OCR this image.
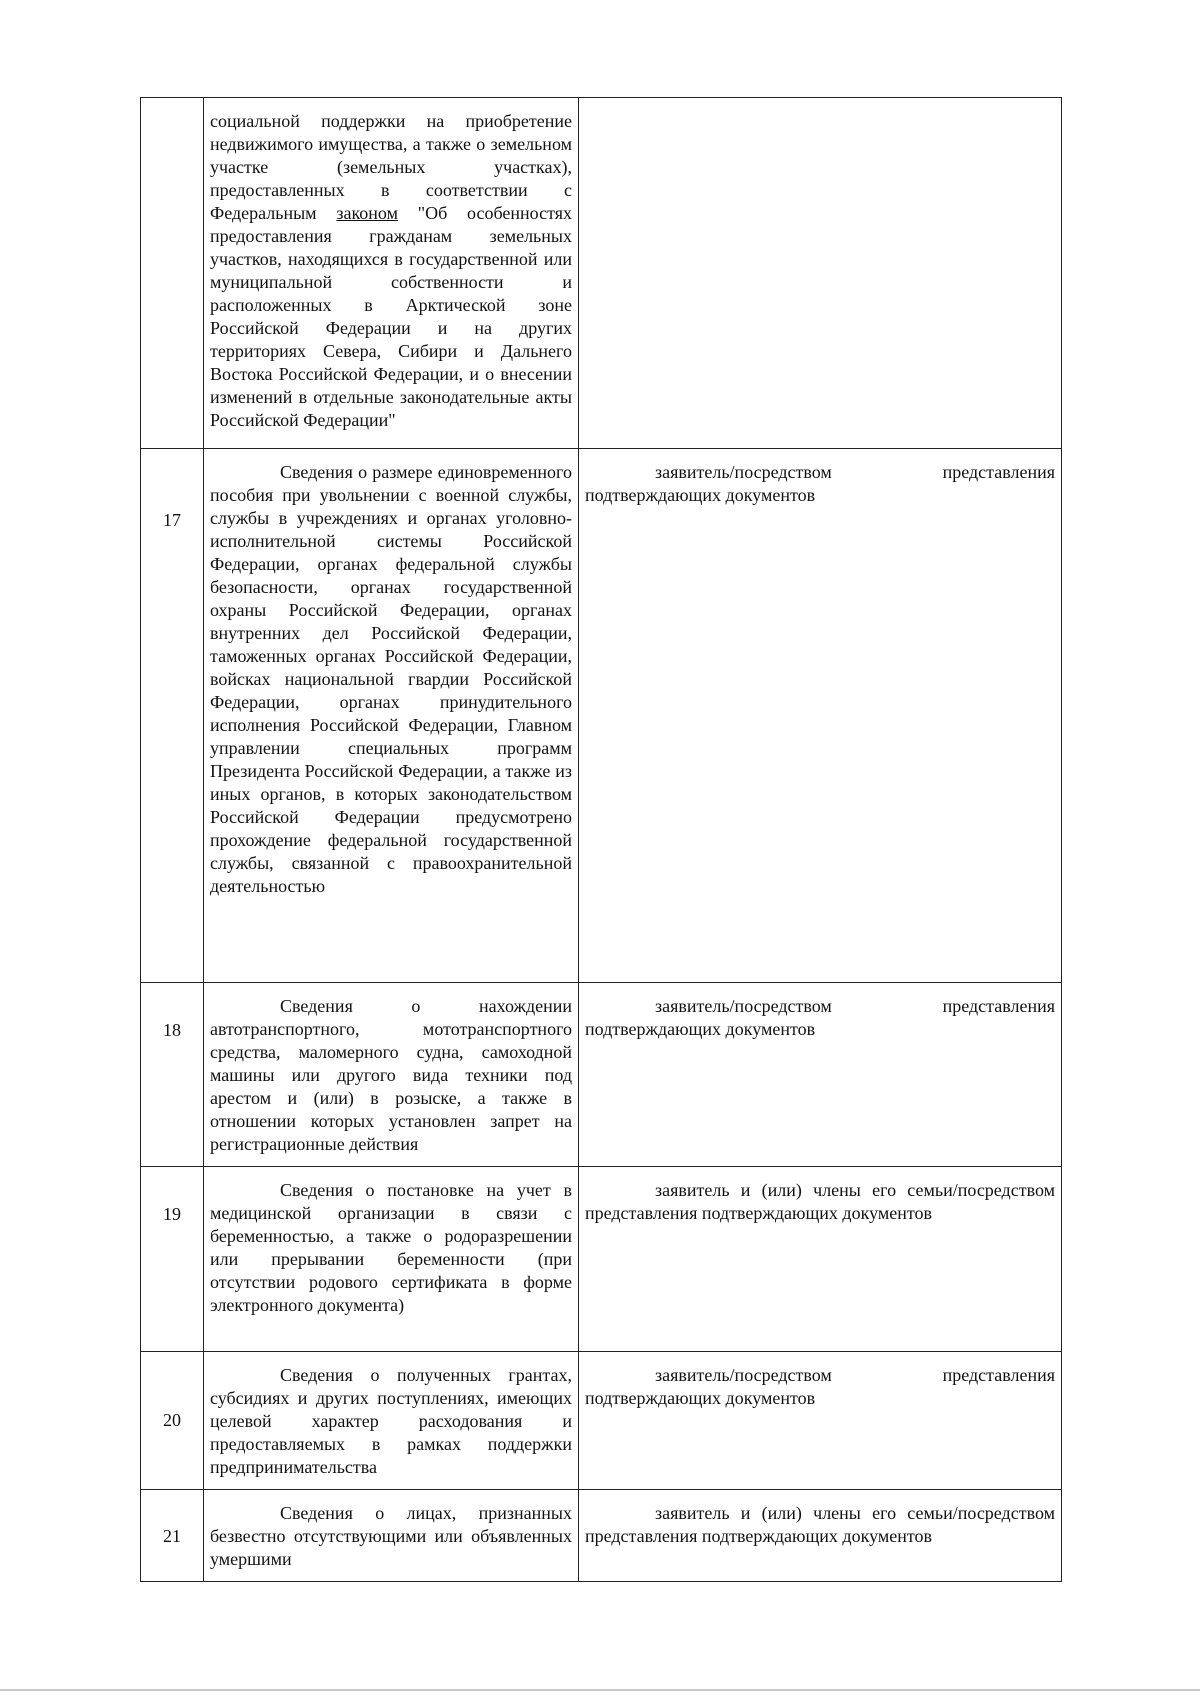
	социальной поддержки на приобретение недвижимого имущества, а также о земельном участке (земельных участках), предоставленных в соответствии с Федеральным законом "Об особенностях предоставления гражданам земельных участков, находящихся в государственной или муниципальной собственности и расположенных в Арктической зоне Российской Федерации и на других территориях Севера, Сибири и Дальнего Востока Российской Федерации, и о внесении изменений в отдельные законодательные акты Российской Федерации"	

17	Сведения о размере единовременного пособия при увольнении с военной службы, службы в учреждениях и органах уголовно-исполнительной системы Российской Федерации, органах федеральной службы безопасности, органах государственной охраны Российской Федерации, органах внутренних дел Российской Федерации, таможенных органах Российской Федерации, войсках национальной гвардии Российской Федерации, органах принудительного исполнения Российской Федерации, Главном управлении специальных программ Президента Российской Федерации, а также из иных органов, в которых законодательством Российской Федерации предусмотрено прохождение федеральной государственной службы, связанной с правоохранительной деятельностью	заявитель/посредством представления подтверждающих документов

18	Сведения о нахождении автотранспортного, мототранспортного средства, маломерного судна, самоходной машины или другого вида техники под арестом и (или) в розыске, а также в отношении которых установлен запрет на регистрационные действия	заявитель/посредством представления подтверждающих документов

19	Сведения о постановке на учет в медицинской организации в связи с беременностью, а также о родоразрешении или прерывании беременности (при отсутствии родового сертификата в форме электронного документа)	заявитель и (или) члены его семьи/посредством представления подтверждающих документов

20	Сведения о полученных грантах, субсидиях и других поступлениях, имеющих целевой характер расходования и предоставляемых в рамках поддержки предпринимательства	заявитель/посредством представления подтверждающих документов

21	Сведения о лицах, признанных безвестно отсутствующими или объявленных умершими	заявитель и (или) члены его семьи/посредством представления подтверждающих документов
